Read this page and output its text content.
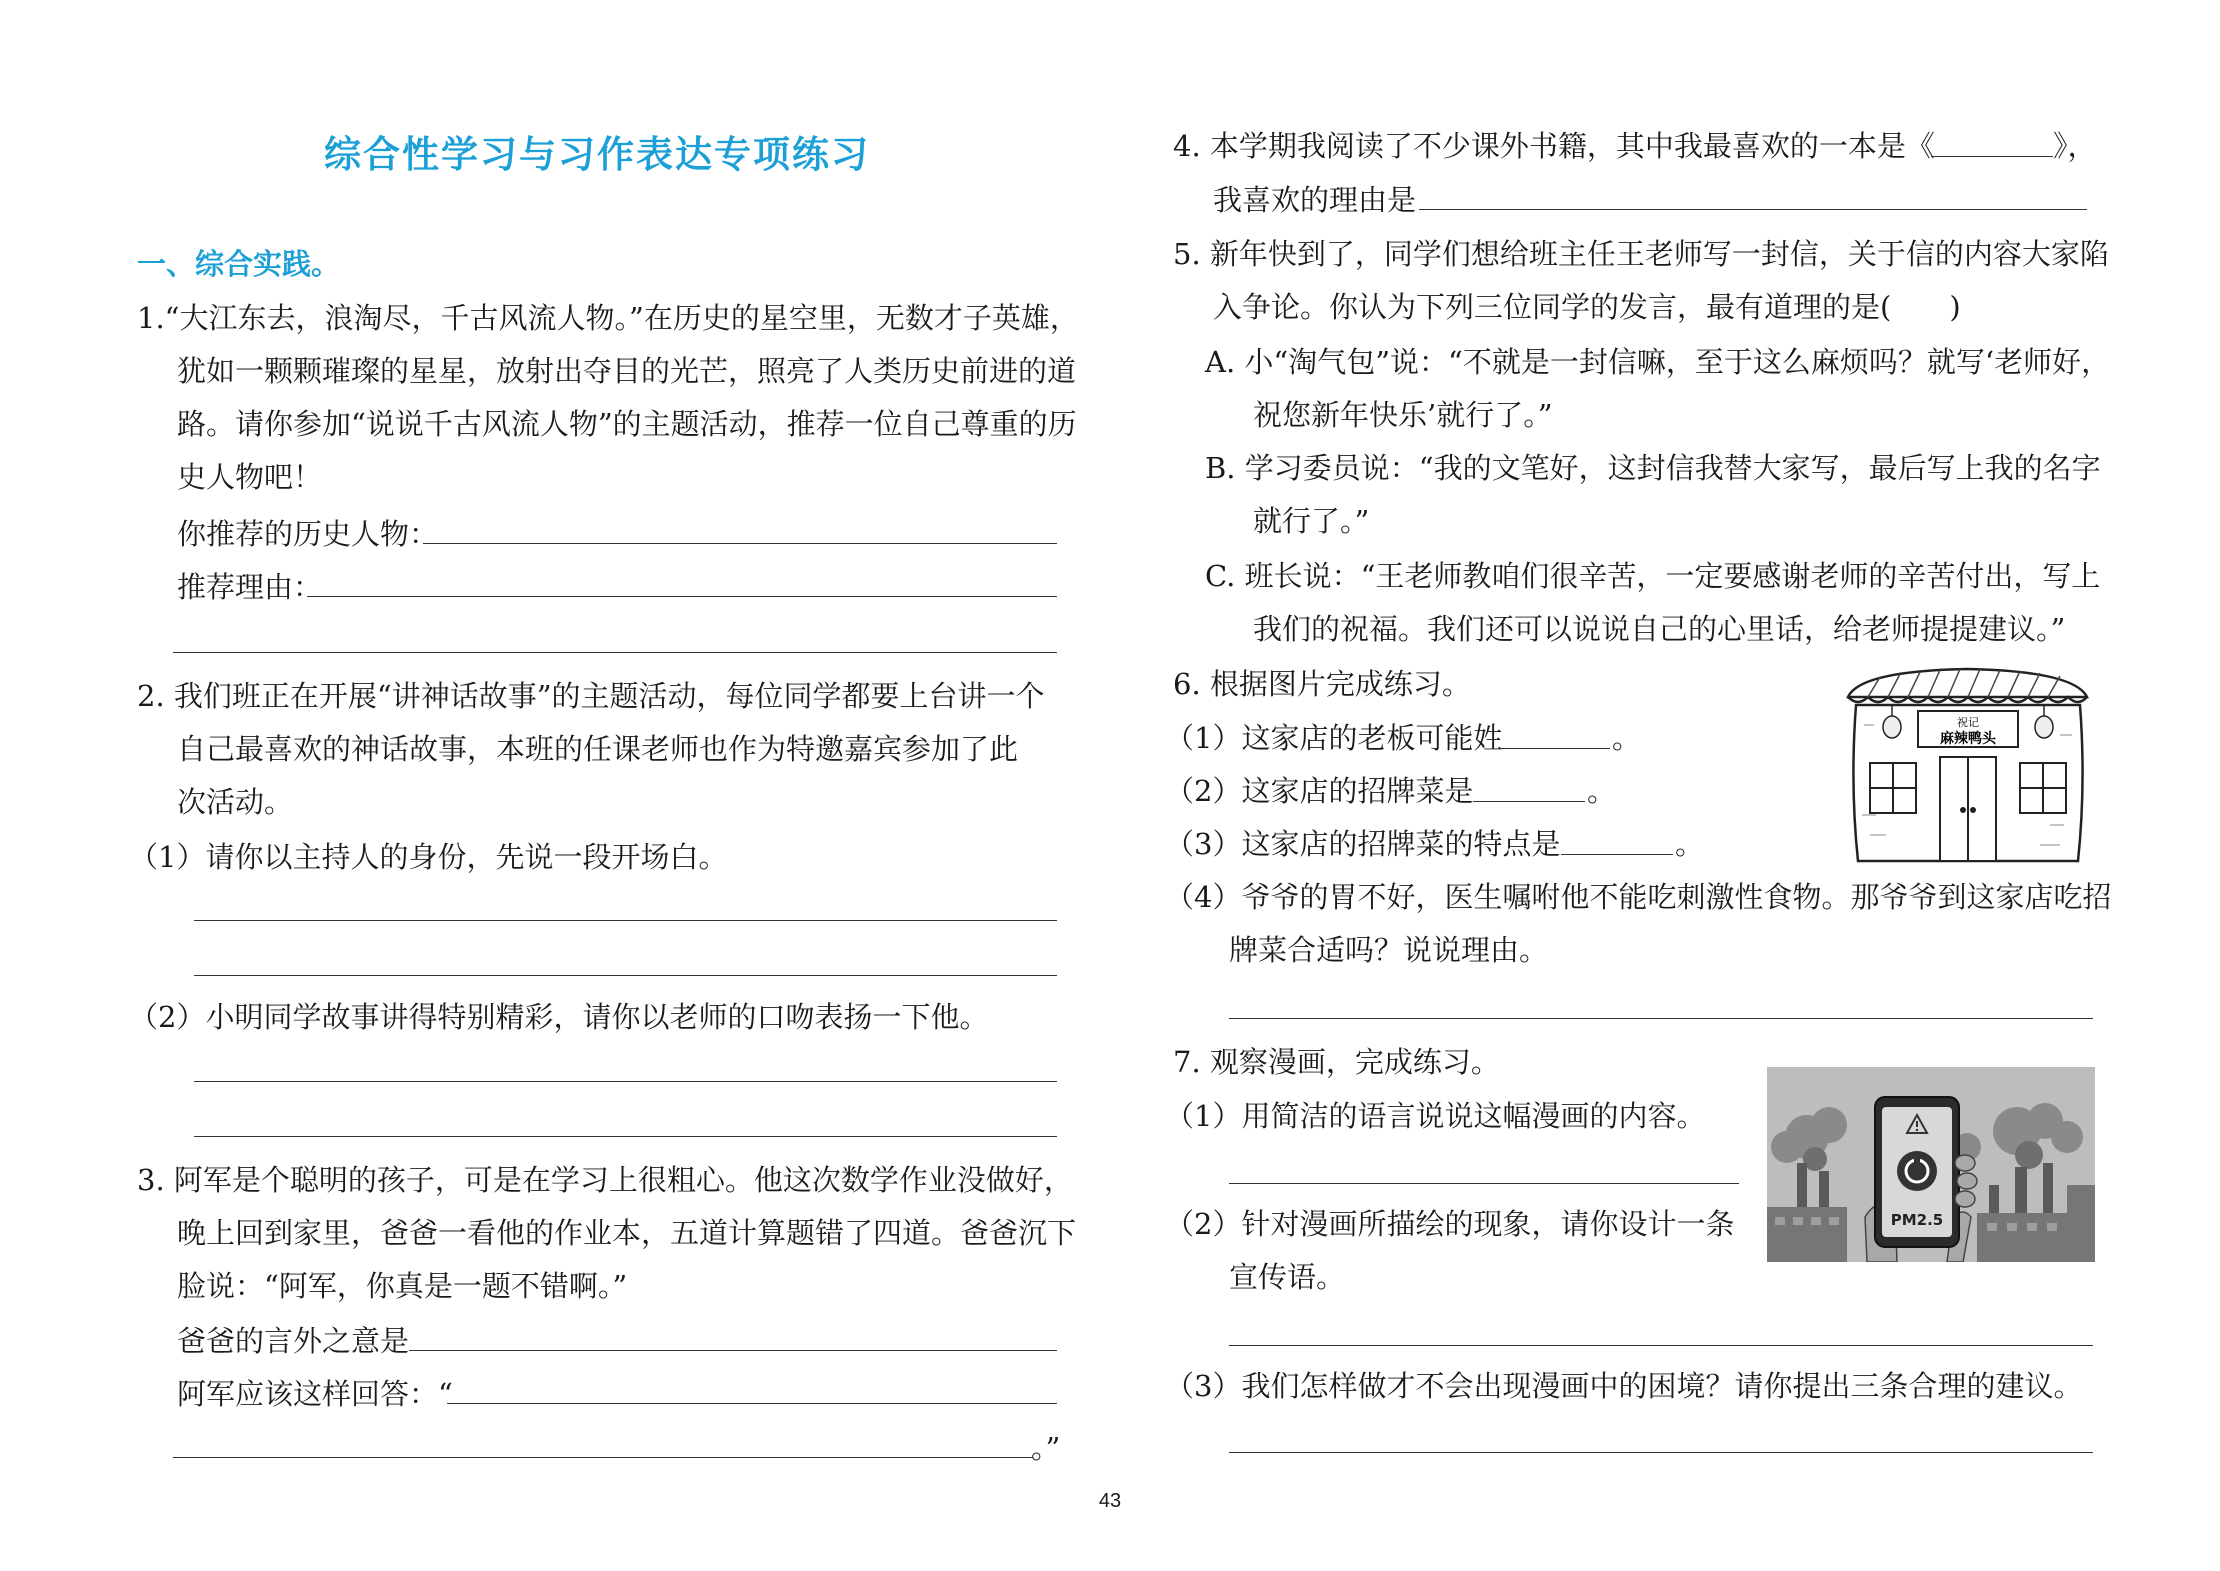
综合性学习与习作表达专项练习
一、综合实践。
1.“大江东去，浪淘尽，千古风流人物。”在历史的星空里，无数才子英雄，
犹如一颗颗璀璨的星星，放射出夺目的光芒，照亮了人类历史前进的道
路。请你参加“说说千古风流人物”的主题活动，推荐一位自己尊重的历
史人物吧！
你推荐的历史人物：
推荐理由：
2. 我们班正在开展“讲神话故事”的主题活动，每位同学都要上台讲一个
自己最喜欢的神话故事，本班的任课老师也作为特邀嘉宾参加了此
次活动。
（1）请你以主持人的身份，先说一段开场白。
（2）小明同学故事讲得特别精彩，请你以老师的口吻表扬一下他。
3. 阿军是个聪明的孩子，可是在学习上很粗心。他这次数学作业没做好，
晚上回到家里，爸爸一看他的作业本，五道计算题错了四道。爸爸沉下
脸说：“阿军，你真是一题不错啊。”
爸爸的言外之意是
阿军应该这样回答：“
。”
4. 本学期我阅读了不少课外书籍，其中我最喜欢的一本是《	》，
我喜欢的理由是
5. 新年快到了，同学们想给班主任王老师写一封信，关于信的内容大家陷
入争论。你认为下列三位同学的发言，最有道理的是(　　)
A. 小“淘气包”说：“不就是一封信嘛，至于这么麻烦吗？就写‘老师好，
祝您新年快乐’就行了。”
B. 学习委员说：“我的文笔好，这封信我替大家写，最后写上我的名字
就行了。”
C. 班长说：“王老师教咱们很辛苦，一定要感谢老师的辛苦付出，写上
我们的祝福。我们还可以说说自己的心里话，给老师提提建议。”
6. 根据图片完成练习。
（1）这家店的老板可能姓	。
（2）这家店的招牌菜是	。
（3）这家店的招牌菜的特点是	。
（4）爷爷的胃不好，医生嘱咐他不能吃刺激性食物。那爷爷到这家店吃招
牌菜合适吗？说说理由。
祝记
麻辣鸭头
7. 观察漫画，完成练习。
（1）用简洁的语言说说这幅漫画的内容。
（2）针对漫画所描绘的现象，请你设计一条
宣传语。
（3）我们怎样做才不会出现漫画中的困境？请你提出三条合理的建议。
PM2.5
43
